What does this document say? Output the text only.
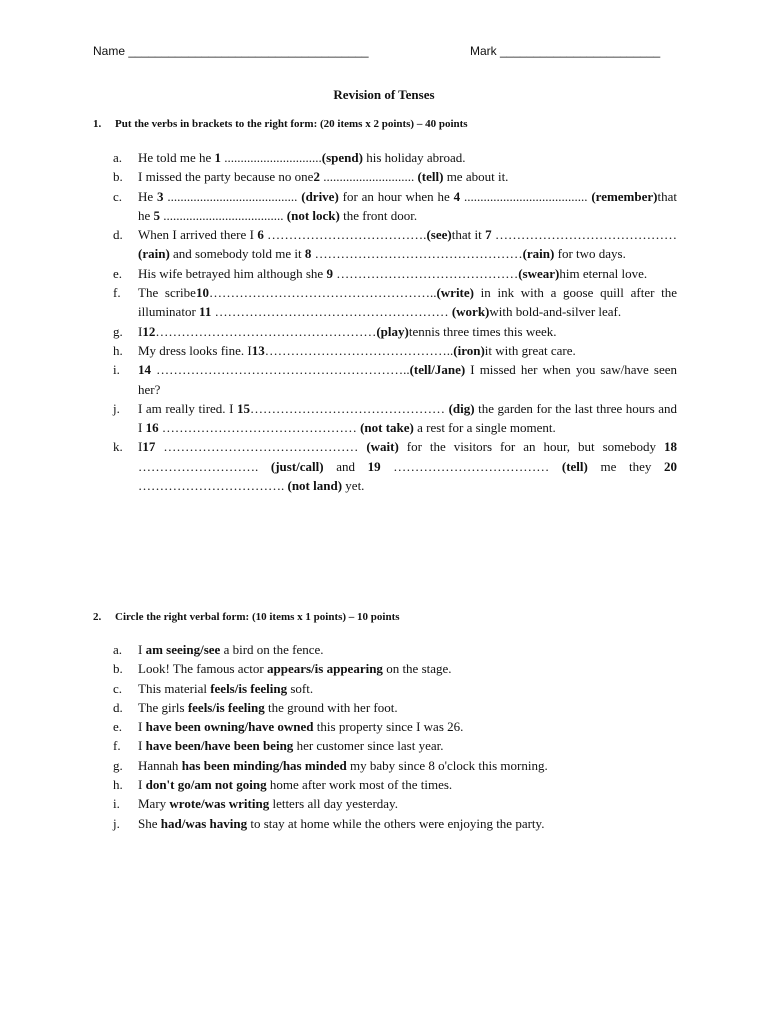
Name ____________________________________	Mark ________________________
Revision of Tenses
1. Put the verbs in brackets to the right form: (20 items x 2 points) – 40 points
a. He told me he 1 ..............................(spend) his holiday abroad.
b. I missed the party because no one2 ............................ (tell) me about it.
c. He 3 ........................................ (drive) for an hour when he 4 ...................................... (remember)that he 5 ..................................... (not lock) the front door.
d. When I arrived there I 6 ……………………………….(see)that it 7 ……………………………………(rain) and somebody told me it 8 …………………………………………(rain) for two days.
e. His wife betrayed him although she 9 ……………………………………(swear)him eternal love.
f. The scribe10……………………………………………..(write) in ink with a goose quill after the illuminator 11 ……………………………………………… (work)with bold-and-silver leaf.
g. I12……………………………………………(play)tennis three times this week.
h. My dress looks fine. I13……………………………………..(iron)it with great care.
i. 14 …………………………………………………..(tell/Jane) I missed her when you saw/have seen her?
j. I am really tired. I 15……………………………………… (dig) the garden for the last three hours and I 16 ……………………………………… (not take) a rest for a single moment.
k. I17 ……………………………………… (wait) for the visitors for an hour, but somebody 18 ………………………. (just/call) and 19 ……………………………… (tell) me they 20 ……………………………. (not land) yet.
2. Circle the right verbal form: (10 items x 1 points) – 10 points
a. I am seeing/see a bird on the fence.
b. Look! The famous actor appears/is appearing on the stage.
c. This material feels/is feeling soft.
d. The girls feels/is feeling the ground with her foot.
e. I have been owning/have owned this property since I was 26.
f. I have been/have been being her customer since last year.
g. Hannah has been minding/has minded my baby since 8 o'clock this morning.
h. I don't go/am not going home after work most of the times.
i. Mary wrote/was writing letters all day yesterday.
j. She had/was having to stay at home while the others were enjoying the party.
